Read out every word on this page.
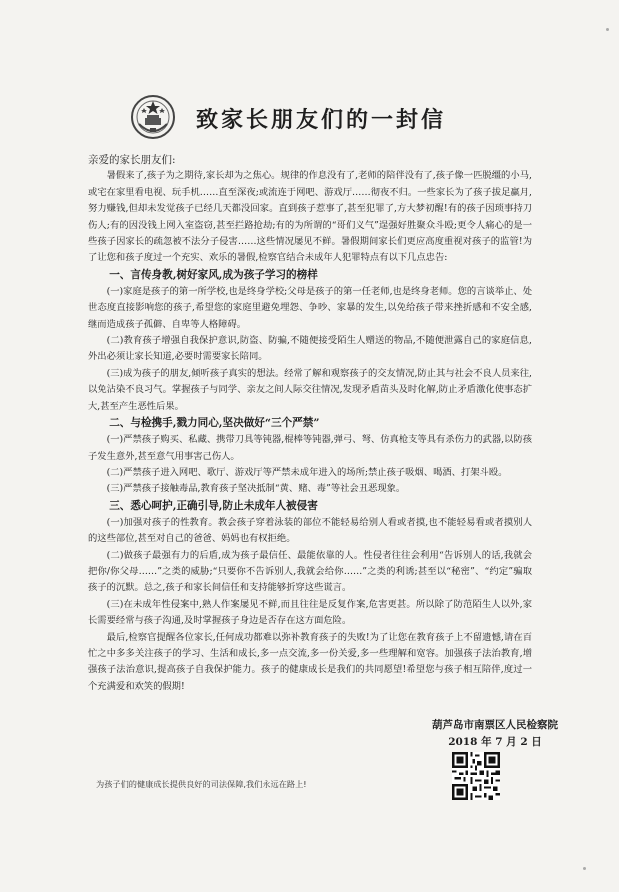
致家长朋友们的一封信
亲爱的家长朋友们:

暑假来了,孩子为之期待,家长却为之焦心。规律的作息没有了,老师的陪伴没有了,孩子像一匹脱缰的小马,或宅在家里看电视、玩手机……直至深夜;或流连于网吧、游戏厅……彻夜不归。一些家长为了孩子拔足赢月,努力赚钱,但却未发觉孩子已经几天都没回家。直到孩子惹事了,甚至犯罪了,方大梦初醒!有的孩子因琐事持刀伤人;有的因没钱上网入室盗窃,甚至拦路抢劫;有的为所谓的“哥们义气”逞强好胜聚众斗殴;更令人痛心的是一些孩子因家长的疏忽被不法分子侵害……这些情况屡见不鲜。暑假期间家长们更应高度重视对孩子的监管!为了让您和孩子度过一个充实、欢乐的暑假,检察官结合未成年人犯罪特点有以下几点忠告:

一、言传身教,树好家风,成为孩子学习的榜样

(一)家庭是孩子的第一所学校,也是终身学校;父母是孩子的第一任老师,也是终身老师。您的言谈举止、处世态度直接影响您的孩子,希望您的家庭里避免埋怨、争吵、家暴的发生,以免给孩子带来挫折感和不安全感,继而造成孩子孤僻、自卑等人格障碍。

(二)教育孩子增强自我保护意识,防盗、防骗,不随便接受陌生人赠送的物品,不随便泄露自己的家庭信息,外出必须让家长知道,必要时需要家长陪同。

(三)成为孩子的朋友,倾听孩子真实的想法。经常了解和观察孩子的交友情况,防止其与社会不良人员来往,以免沾染不良习气。掌握孩子与同学、亲友之间人际交往情况,发现矛盾苗头及时化解,防止矛盾激化使事态扩大,甚至产生恶性后果。

二、与检携手,戮力同心,坚决做好“三个严禁”

(一)严禁孩子购买、私藏、携带刀具等钝器,棍棒等钝器,弹弓、弩、仿真枪支等具有杀伤力的武器,以防孩子发生意外,甚至意气用事害己伤人。

(二)严禁孩子进入网吧、歌厅、游戏厅等严禁未成年进入的场所;禁止孩子吸烟、喝酒、打架斗殴。

(三)严禁孩子接触毒品,教育孩子坚决抵制“黄、赌、毒”等社会丑恶现象。

三、悉心呵护,正确引导,防止未成年人被侵害

(一)加强对孩子的性教育。教会孩子穿着泳装的部位不能轻易给别人看或者摸,也不能轻易看或者摸别人的这些部位,甚至对自己的爸爸、妈妈也有权拒绝。

(二)做孩子最强有力的后盾,成为孩子最信任、最能依靠的人。性侵者往往会利用“告诉别人的话,我就会把你/你父母……”之类的威胁;“只要你不告诉别人,我就会给你……”之类的利诱;甚至以“秘密”、“约定”骗取孩子的沉默。总之,孩子和家长间信任和支持能够折穿这些谎言。

(三)在未成年性侵案中,熟人作案屡见不鲜,而且往往是反复作案,危害更甚。所以除了防范陌生人以外,家长需要经常与孩子沟通,及时掌握孩子身边是否存在这方面危险。

最后,检察官提醒各位家长,任何成功都难以弥补教育孩子的失败!为了让您在教育孩子上不留遗憾,请在百忙之中多多关注孩子的学习、生活和成长,多一点交流,多一份关爱,多一些理解和宽容。加强孩子法治教育,增强孩子法治意识,提高孩子自我保护能力。孩子的健康成长是我们的共同愿望!希望您与孩子相互陪伴,度过一个充满爱和欢笑的假期!

葫芦岛市南票区人民检察院
2018 年 7 月 2 日
为孩子们的健康成长提供良好的司法保障,我们永远在路上!
